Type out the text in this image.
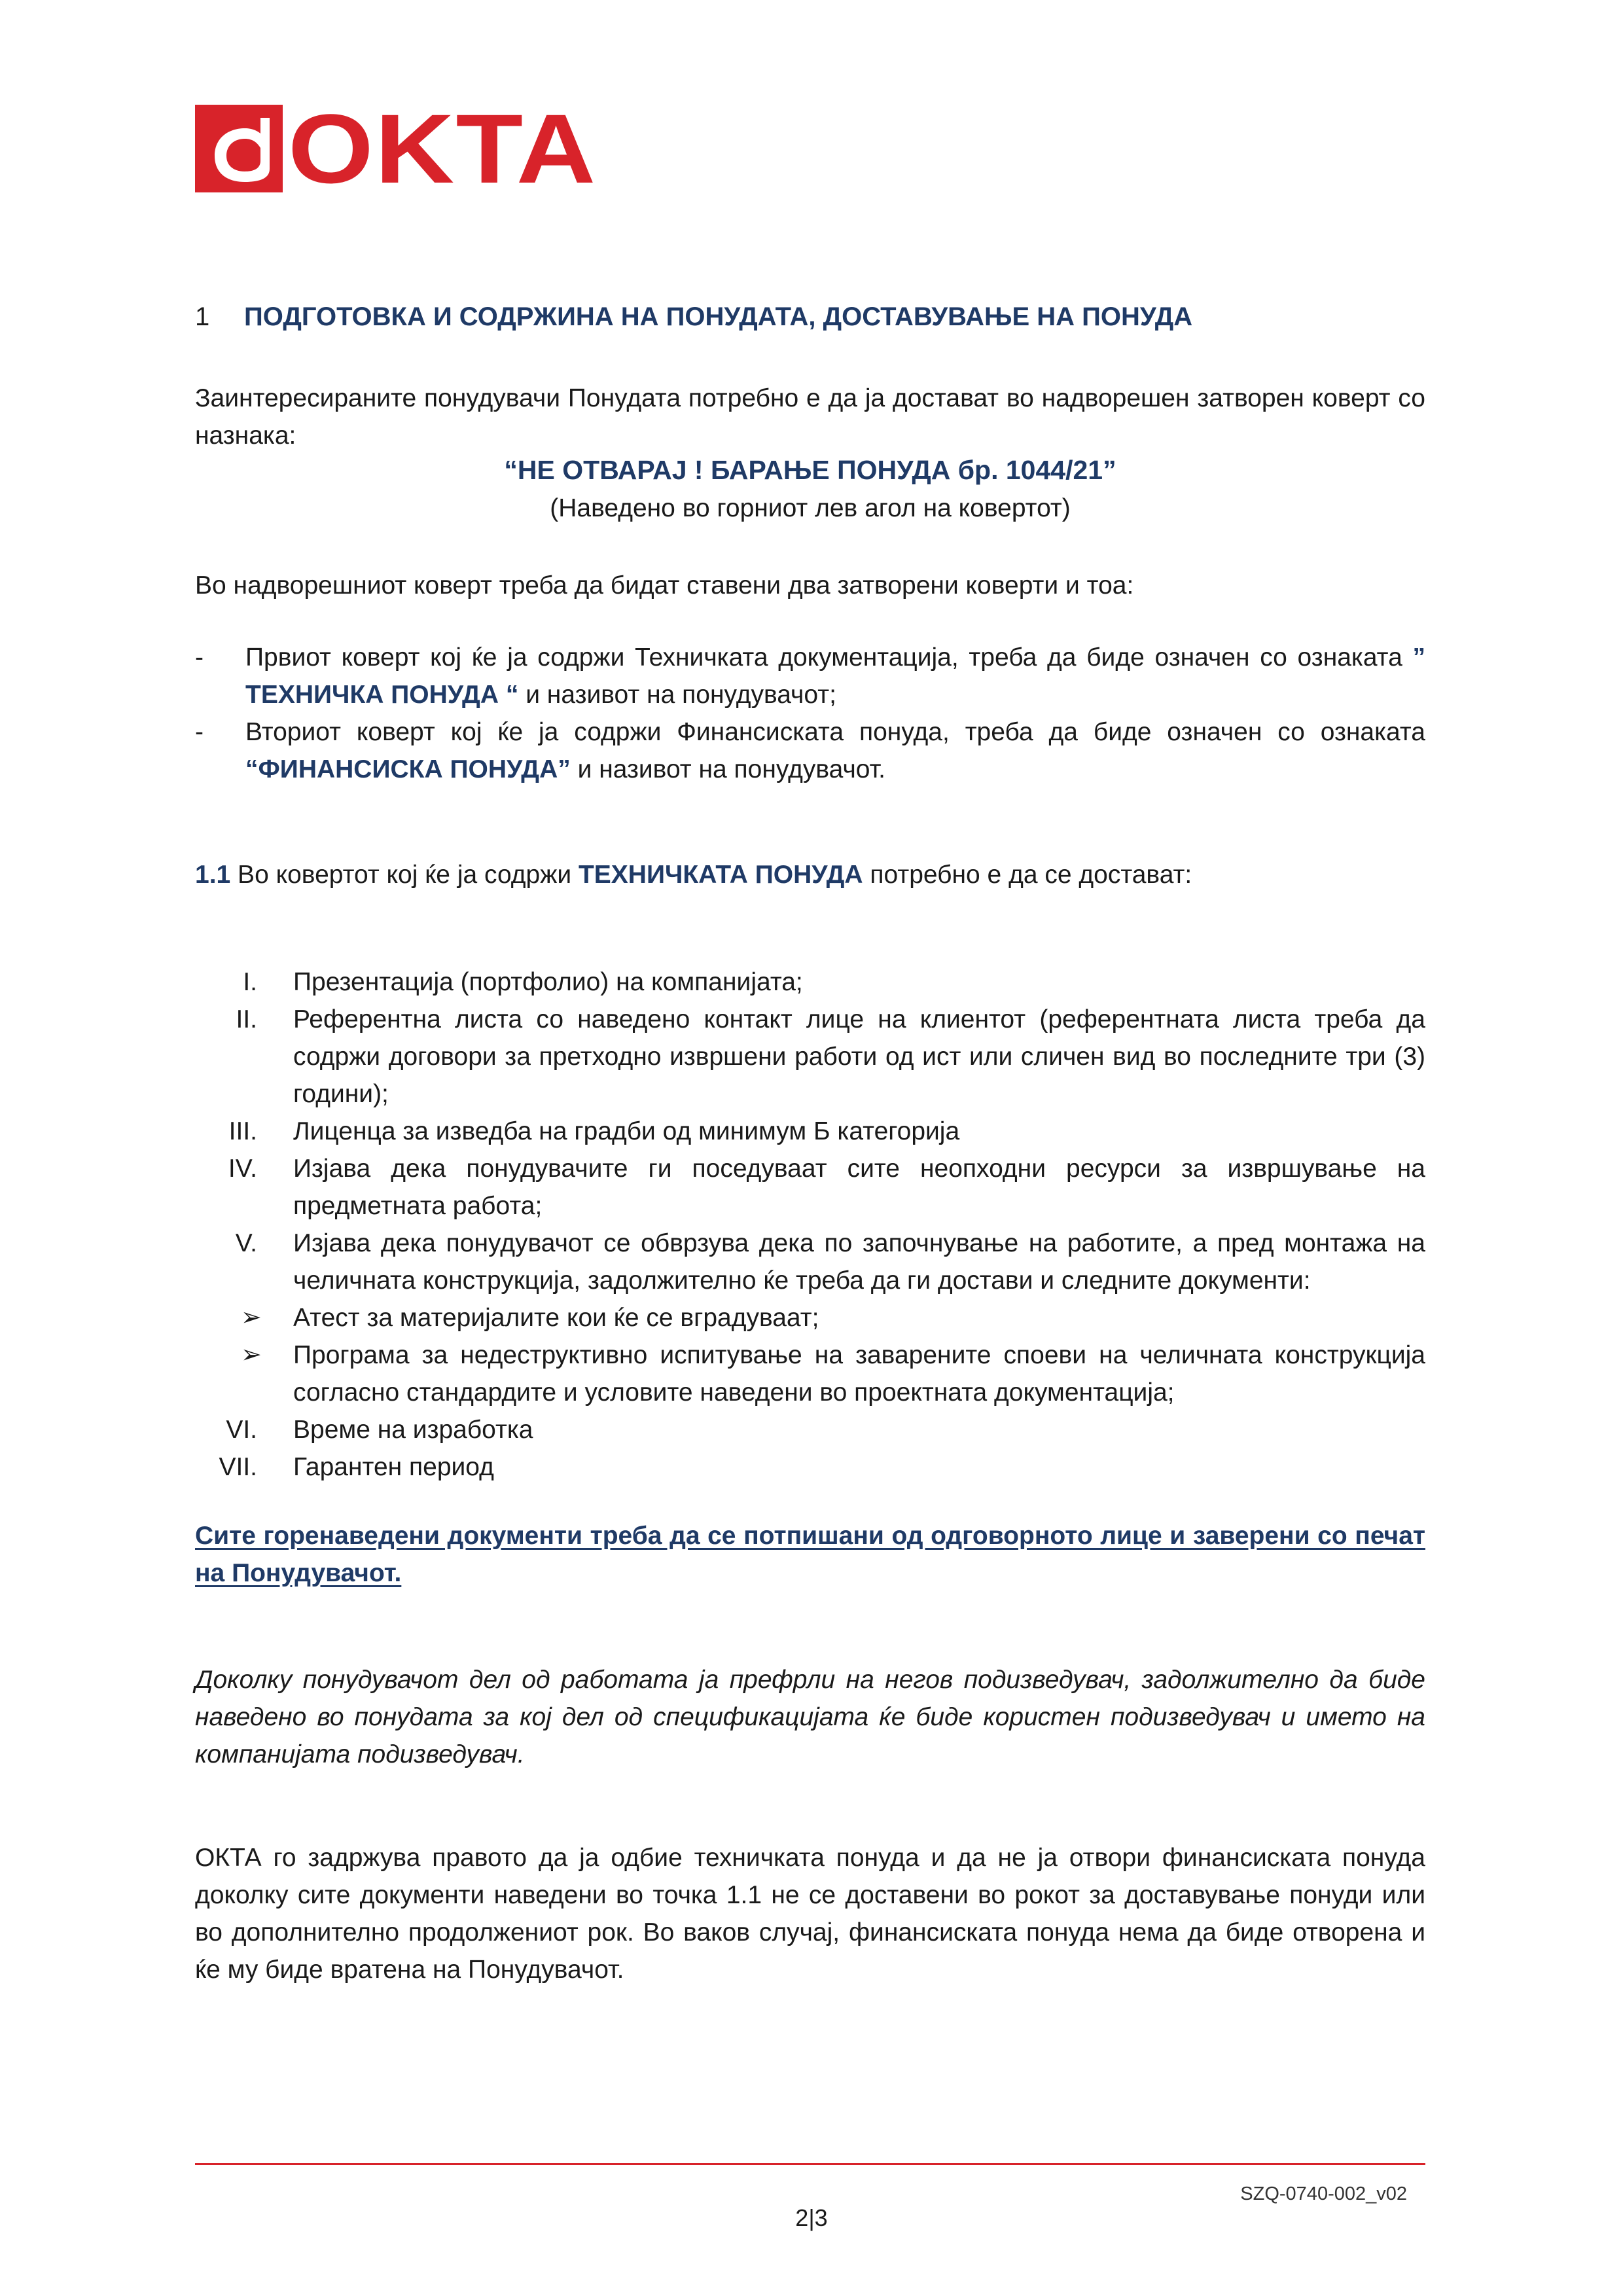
OKTA
1 ПОДГОТОВКА И СОДРЖИНА НА ПОНУДАТА, ДОСТАВУВАЊЕ НА ПОНУДА
Заинтересираните понудувачи Понудата потребно е да ја достават во надворешен затворен коверт со назнака:
“НЕ ОТВАРАЈ ! БАРАЊЕ ПОНУДА бр. 1044/21”
(Наведено во горниот лев агол на ковертот)
Во надворешниот коверт треба да бидат ставени два затворени коверти и тоа:
- Првиот коверт кој ќе ја содржи Техничката документација, треба да биде означен со ознаката ” ТЕХНИЧКА ПОНУДА “ и називот на понудувачот;
- Вториот коверт кој ќе ја содржи Финансиската понуда, треба да биде означен со ознаката “ФИНАНСИСКА ПОНУДА” и називот на понудувачот.
1.1 Во ковертот кој ќе ја содржи ТЕХНИЧКАТА ПОНУДА потребно е да се достават:
I. Презентација (портфолио) на компанијата;
II. Референтна листа со наведено контакт лице на клиентот (референтната листа треба да содржи договори за претходно извршени работи од ист или сличен вид во последните три (3) години);
III. Лиценца за изведба на градби од минимум Б категорија
IV. Изјава дека понудувачите ги поседуваат сите неопходни ресурси за извршување на предметната работа;
V. Изјава дека понудувачот се обврзува дека по започнување на работите, а пред монтажа на челичната конструкција, задолжително ќе треба да ги достави и следните документи:
➢ Атест за материјалите кои ќе се вградуваат;
➢ Програма за недеструктивно испитување на заварените споеви на челичната конструкција согласно стандардите и условите наведени во проектната документација;
VI. Време на изработка
VII. Гарантен период
Сите горенаведени документи треба да се потпишани од одговорното лице и заверени со печат на Понудувачот.
Доколку понудувачот дел од работата ја префрли на негов подизведувач, задолжително да биде наведено во понудата за кој дел од спецификацијата ќе биде користен подизведувач и името на компанијата подизведувач.
ОКТА го задржува правото да ја одбие техничката понуда и да не ја отвори финансиската понуда доколку сите документи наведени во точка 1.1 не се доставени во рокот за доставување понуди или во дополнително продолжениот рок. Во ваков случај, финансиската понуда нема да биде отворена и ќе му биде вратена на Понудувачот.
SZQ-0740-002_v02
2|3
